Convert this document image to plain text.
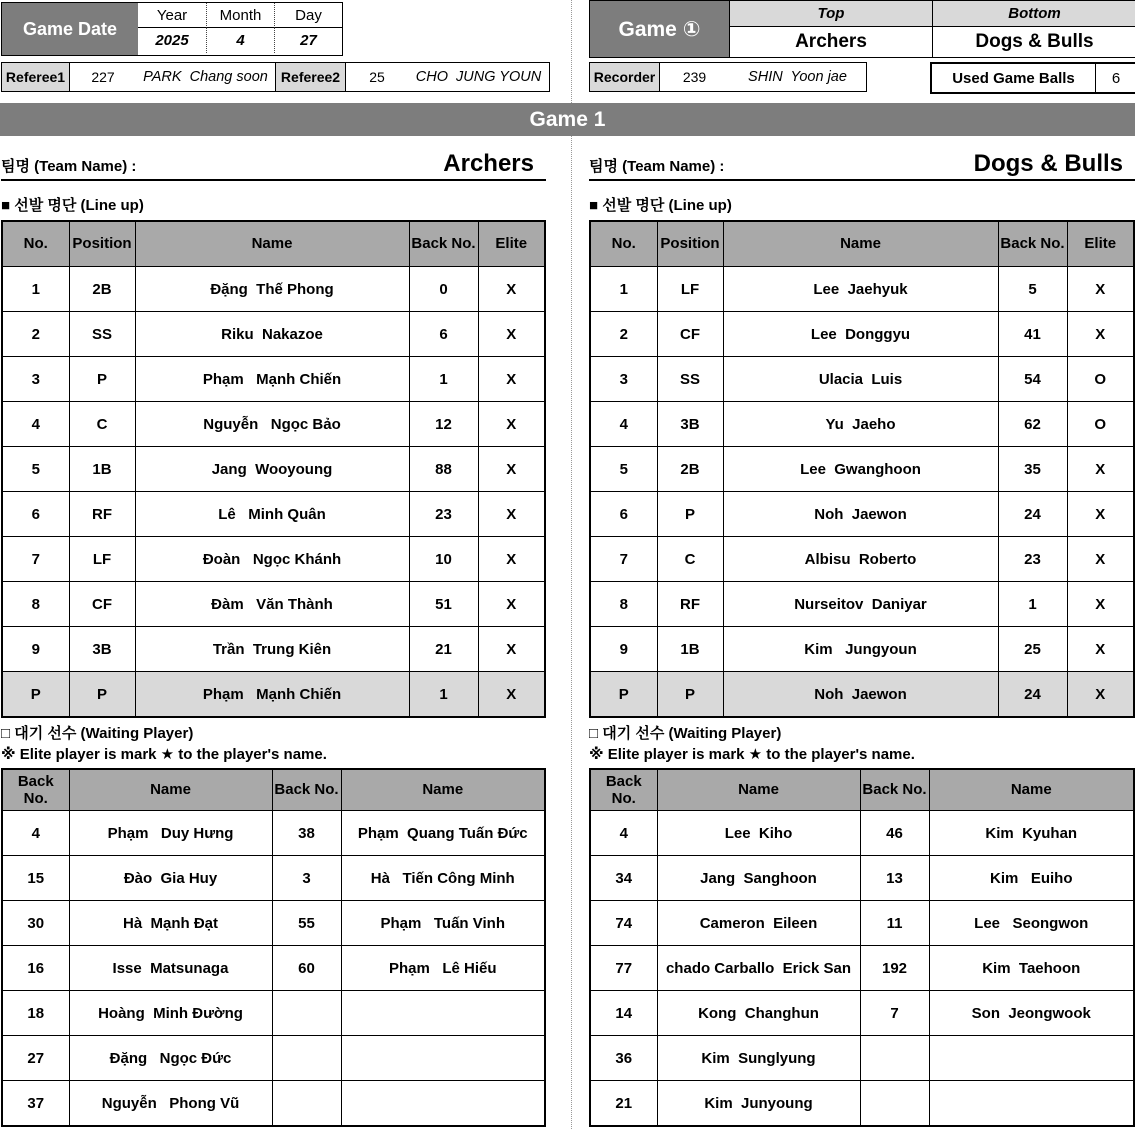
Game Date
Year	Month	Day
2025	4	27
Referee1	227	PARK  Chang soon Referee2	25	CHO  JUNG YOUN
Game ①
Top	Bottom
Archers	Dogs & Bulls
Recorder	239	SHIN  Yoon jae	Used Game Balls	6
Game 1
팀명 (Team Name) :	Archers
■ 선발 명단 (Line up)
No.	Position	Name	Back No.	Elite
1	2B	Đặng  Thế Phong	0	X
2	SS	Riku  Nakazoe	6	X
3	P	Phạm   Mạnh Chiến	1	X
4	C	Nguyễn   Ngọc Bảo	12	X
5	1B	Jang  Wooyoung	88	X
6	RF	Lê   Minh Quân	23	X
7	LF	Đoàn   Ngọc Khánh	10	X
8	CF	Đàm   Văn Thành	51	X
9	3B	Trần  Trung Kiên	21	X
P	P	Phạm   Mạnh Chiến	1	X
□ 대기 선수 (Waiting Player)
※ Elite player is mark ★ to the player's name.
Back No.	Name	Back No.	Name
4	Phạm   Duy Hưng	38	Phạm  Quang Tuấn Đức
15	Đào  Gia Huy	3	Hà   Tiến Công Minh
30	Hà  Mạnh Đạt	55	Phạm   Tuấn Vinh
16	Isse  Matsunaga	60	Phạm   Lê Hiếu
18	Hoàng  Minh Đường		
27	Đặng   Ngọc Đức		
37	Nguyễn   Phong Vũ		
팀명 (Team Name) :	Dogs & Bulls
■ 선발 명단 (Line up)
No.	Position	Name	Back No.	Elite
1	LF	Lee  Jaehyuk	5	X
2	CF	Lee  Donggyu	41	X
3	SS	Ulacia  Luis	54	O
4	3B	Yu  Jaeho	62	O
5	2B	Lee  Gwanghoon	35	X
6	P	Noh  Jaewon	24	X
7	C	Albisu  Roberto	23	X
8	RF	Nurseitov  Daniyar	1	X
9	1B	Kim   Jungyoun	25	X
P	P	Noh  Jaewon	24	X
□ 대기 선수 (Waiting Player)
※ Elite player is mark ★ to the player's name.
Back No.	Name	Back No.	Name
4	Lee  Kiho	46	Kim  Kyuhan
34	Jang  Sanghoon	13	Kim   Euiho
74	Cameron  Eileen	11	Lee   Seongwon
77	chado Carballo  Erick San	192	Kim  Taehoon
14	Kong  Changhun	7	Son  Jeongwook
36	Kim  Sunglyung		
21	Kim  Junyoung		
